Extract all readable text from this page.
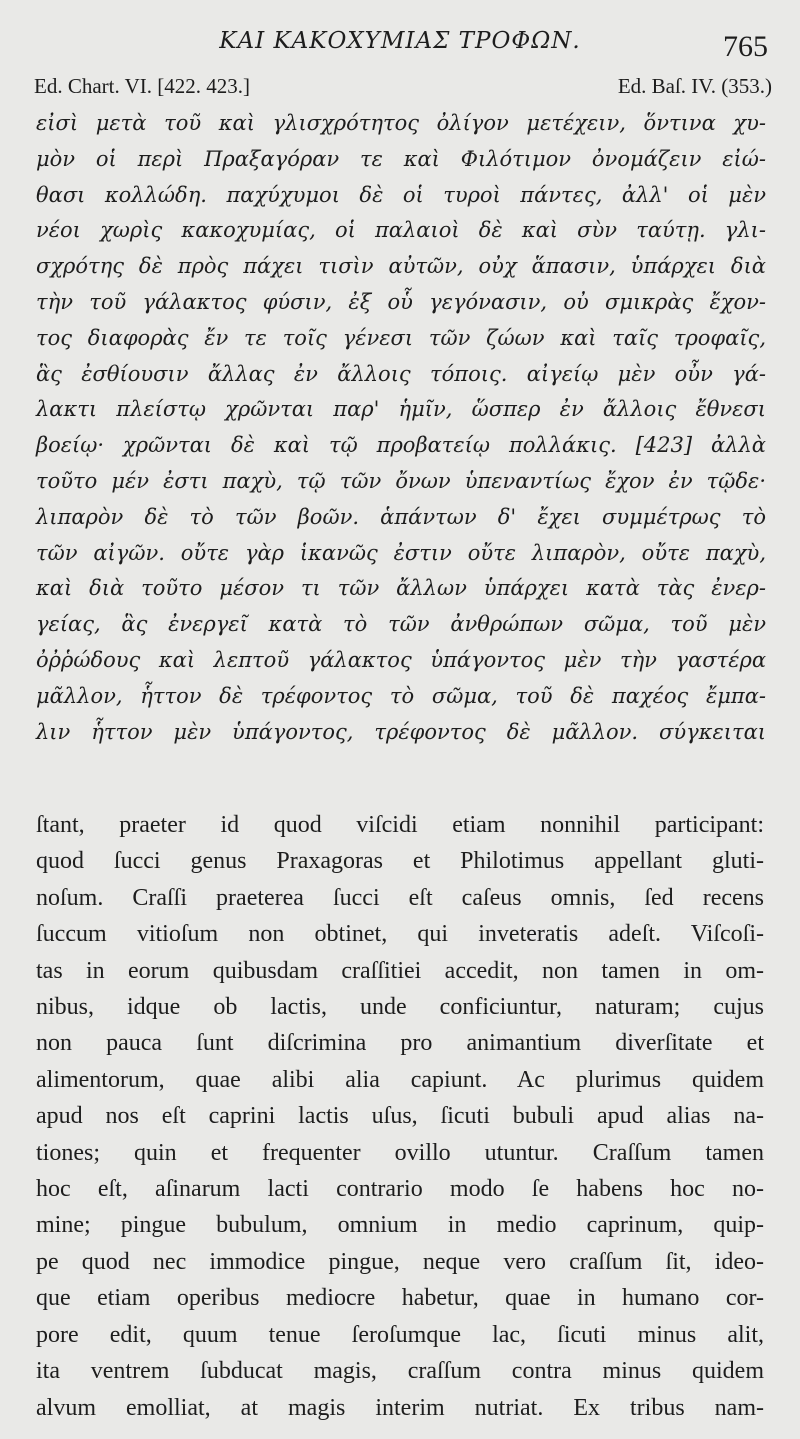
ΚΑΙ ΚΑΚΟΧΥΜΙΑΣ ΤΡΟΦΩΝ.	765
Ed. Chart. VI. [422. 423.]	Ed. Baſ. IV. (353.)
εἰσὶ μετὰ τοῦ καὶ γλισχρότητος ὀλίγον μετέχειν, ὅντινα χυ-
μὸν οἱ περὶ Πραξαγόραν τε καὶ Φιλότιμον ὀνομάζειν εἰώ-
θασι κολλώδη. παχύχυμοι δὲ οἱ τυροὶ πάντες, ἀλλ' οἱ μὲν
νέοι χωρὶς κακοχυμίας, οἱ παλαιοὶ δὲ καὶ σὺν ταύτῃ. γλι-
σχρότης δὲ πρὸς πάχει τισὶν αὐτῶν, οὐχ ἅπασιν, ὑπάρχει διὰ
τὴν τοῦ γάλακτος φύσιν, ἐξ οὗ γεγόνασιν, οὐ σμικρὰς ἔχον-
τος διαφορὰς ἔν τε τοῖς γένεσι τῶν ζώων καὶ ταῖς τροφαῖς,
ἃς ἐσθίουσιν ἄλλας ἐν ἄλλοις τόποις. αἰγείῳ μὲν οὖν γά-
λακτι πλείστῳ χρῶνται παρ' ἡμῖν, ὥσπερ ἐν ἄλλοις ἔθνεσι
βοείῳ· χρῶνται δὲ καὶ τῷ προβατείῳ πολλάκις. [423] ἀλλὰ
τοῦτο μέν ἐστι παχὺ, τῷ τῶν ὄνων ὑπεναντίως ἔχον ἐν τῷδε·
λιπαρὸν δὲ τὸ τῶν βοῶν. ἁπάντων δ' ἔχει συμμέτρως τὸ
τῶν αἰγῶν. οὔτε γὰρ ἱκανῶς ἐστιν οὔτε λιπαρὸν, οὔτε παχὺ,
καὶ διὰ τοῦτο μέσον τι τῶν ἄλλων ὑπάρχει κατὰ τὰς ἐνερ-
γείας, ἃς ἐνεργεῖ κατὰ τὸ τῶν ἀνθρώπων σῶμα, τοῦ μὲν
ὀῤῥώδους καὶ λεπτοῦ γάλακτος ὑπάγοντος μὲν τὴν γαστέρα
μᾶλλον, ἧττον δὲ τρέφοντος τὸ σῶμα, τοῦ δὲ παχέος ἔμπα-
λιν ἧττον μὲν ὑπάγοντος, τρέφοντος δὲ μᾶλλον. σύγκειται
ſtant, praeter id quod viſcidi etiam nonnihil participant:
quod ſucci genus Praxagoras et Philotimus appellant gluti-
noſum. Craſſi praeterea ſucci eſt caſeus omnis, ſed recens
ſuccum vitioſum non obtinet, qui inveteratis adeſt. Viſcoſi-
tas in eorum quibusdam craſſitiei accedit, non tamen in om-
nibus, idque ob lactis, unde conficiuntur, naturam; cujus
non pauca ſunt diſcrimina pro animantium diverſitate et
alimentorum, quae alibi alia capiunt. Ac plurimus quidem
apud nos eſt caprini lactis uſus, ſicuti bubuli apud alias na-
tiones; quin et frequenter ovillo utuntur. Craſſum tamen
hoc eſt, aſinarum lacti contrario modo ſe habens hoc no-
mine; pingue bubulum, omnium in medio caprinum, quip-
pe quod nec immodice pingue, neque vero craſſum ſit, ideo-
que etiam operibus mediocre habetur, quae in humano cor-
pore edit, quum tenue ſeroſumque lac, ſicuti minus alit,
ita ventrem ſubducat magis, craſſum contra minus quidem
alvum emolliat, at magis interim nutriat. Ex tribus nam-
